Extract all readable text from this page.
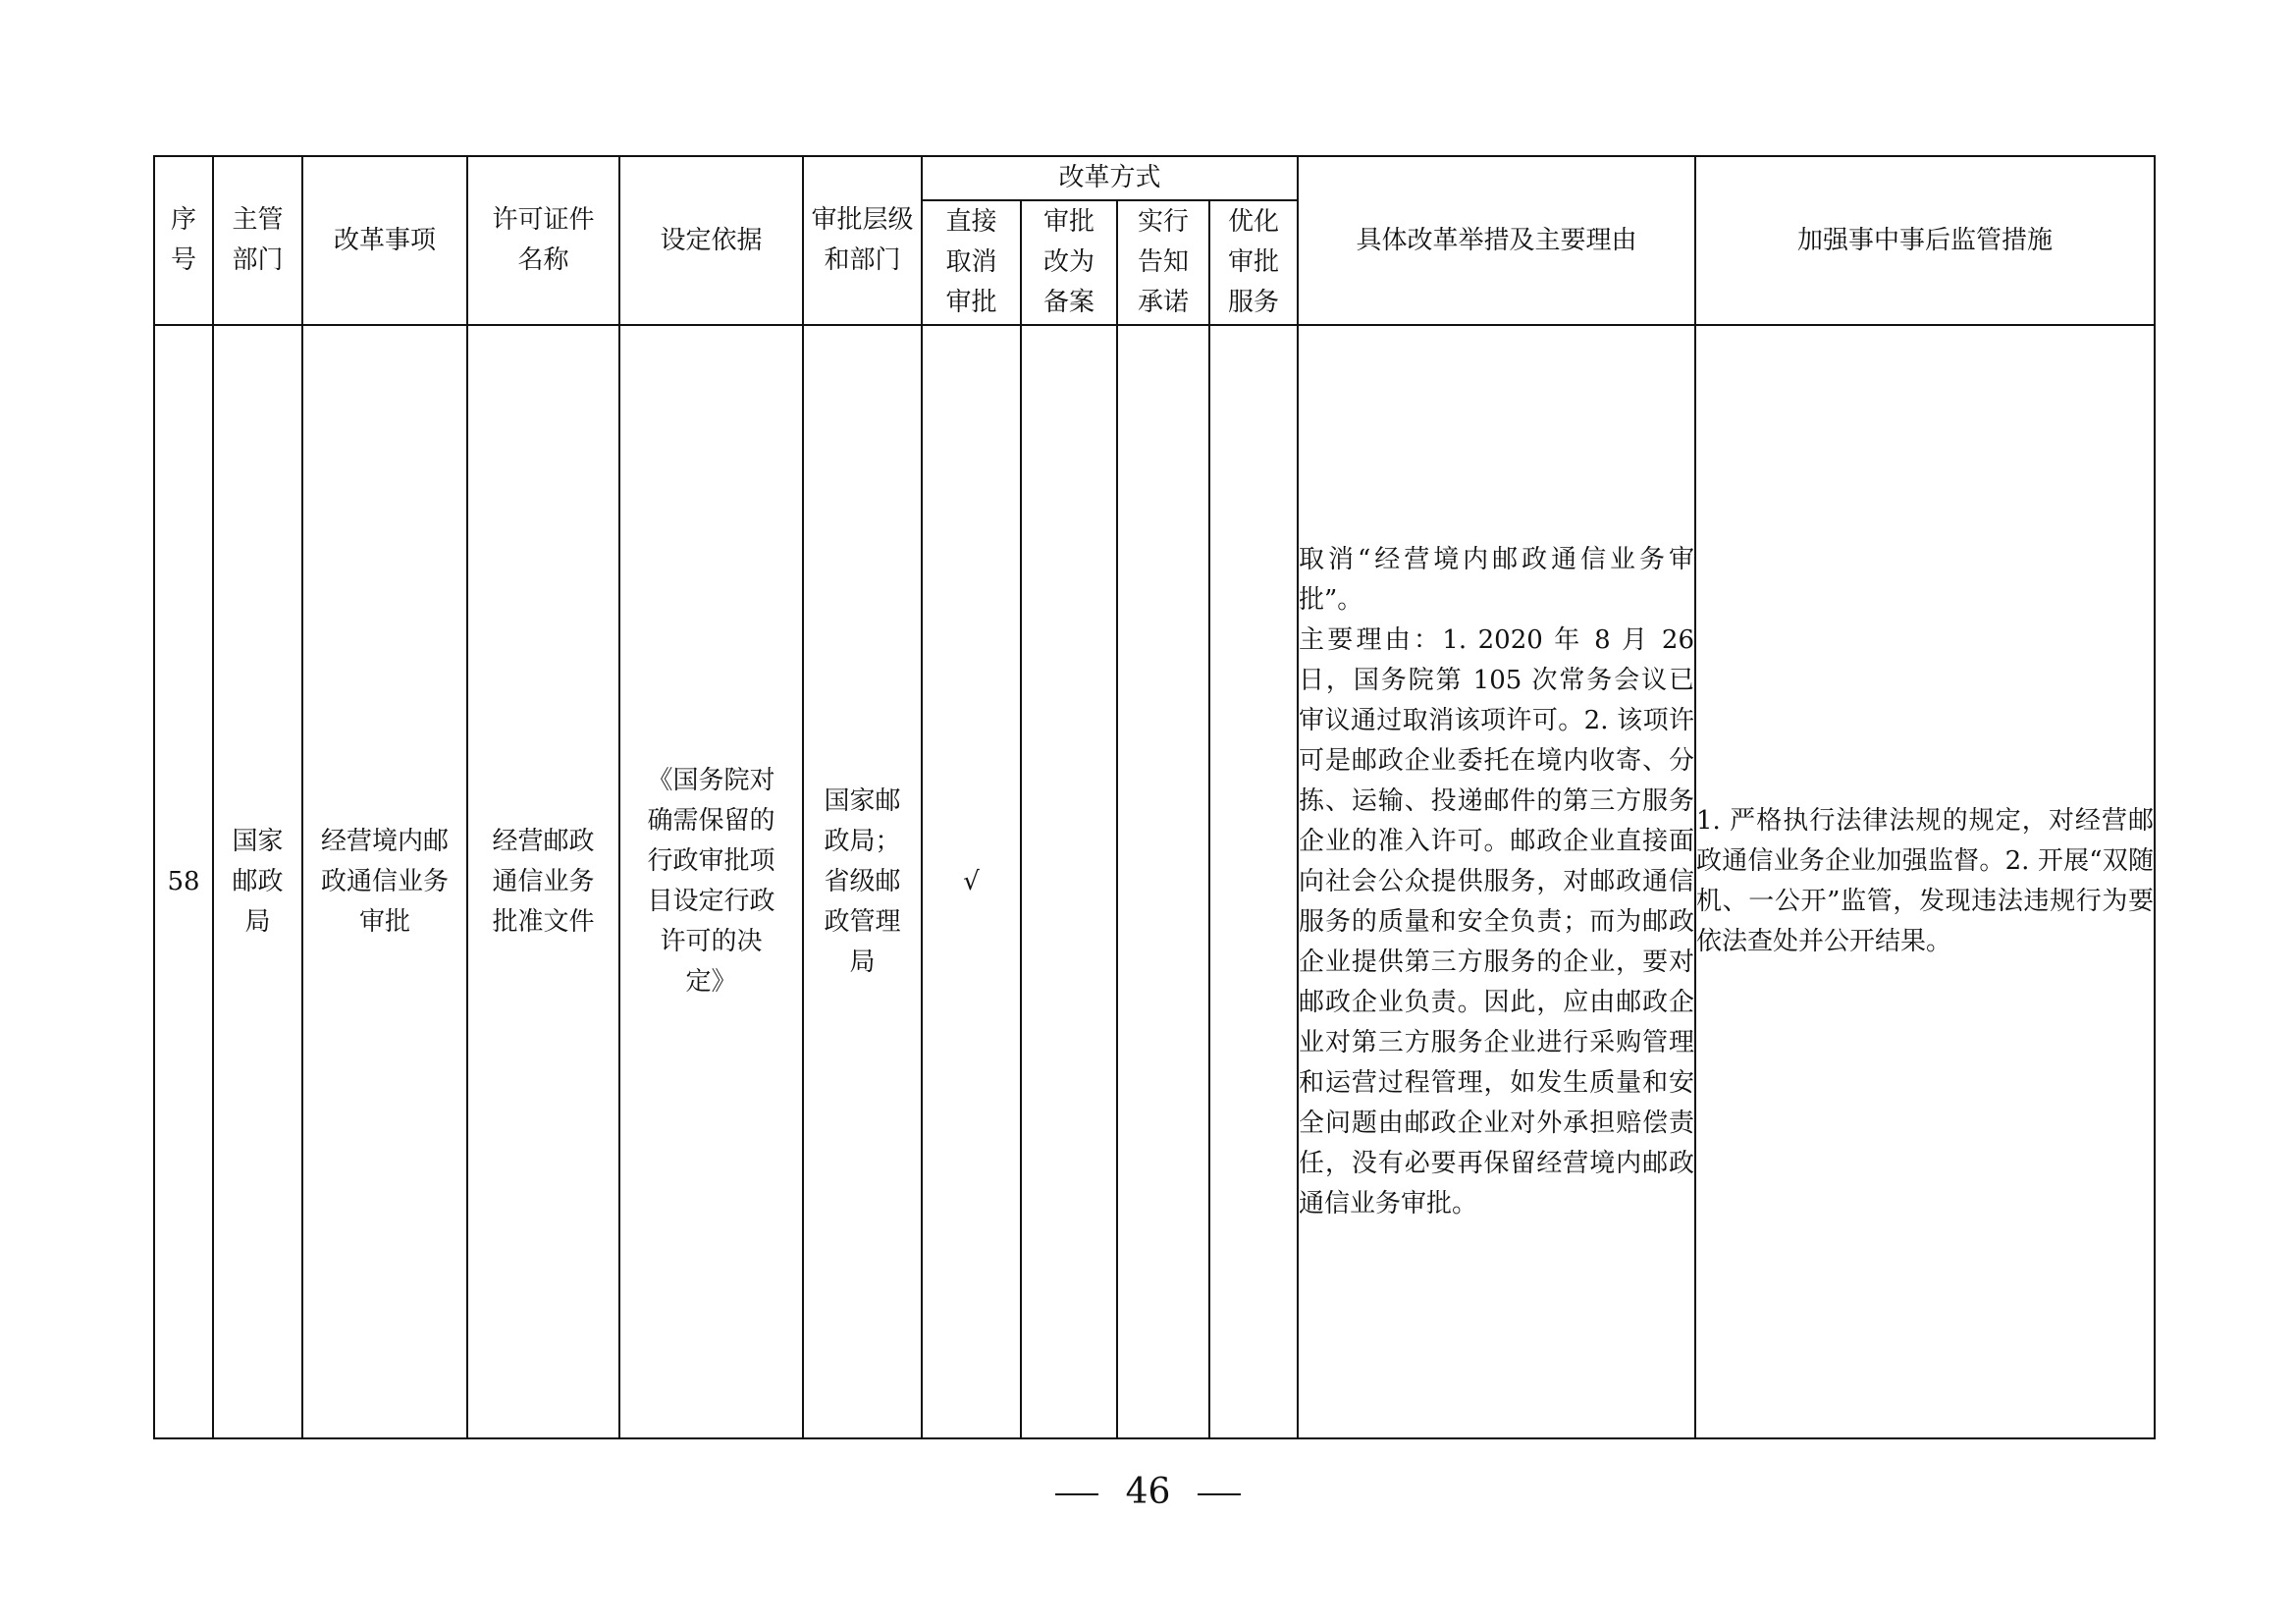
序号	主管部门	改革事项	许可证件名称	设定依据	审批层级和部门	改革方式				具体改革举措及主要理由	加强事中事后监管措施
						直接取消审批	审批改为备案	实行告知承诺	优化审批服务		
58	国家邮政局	经营境内邮政通信业务审批	经营邮政通信业务批准文件	《国务院对确需保留的行政审批项目设定行政许可的决定》	国家邮政局；省级邮政管理局	√				取消“经营境内邮政通信业务审批”。
主要理由：1. 2020 年 8 月 26 日，国务院第 105 次常务会议已审议通过取消该项许可。2. 该项许可是邮政企业委托在境内收寄、分拣、运输、投递邮件的第三方服务企业的准入许可。邮政企业直接面向社会公众提供服务，对邮政通信服务的质量和安全负责；而为邮政企业提供第三方服务的企业，要对邮政企业负责。因此，应由邮政企业对第三方服务企业进行采购管理和运营过程管理，如发生质量和安全问题由邮政企业对外承担赔偿责任，没有必要再保留经营境内邮政通信业务审批。	1. 严格执行法律法规的规定，对经营邮政通信业务企业加强监督。2. 开展“双随机、一公开”监管，发现违法违规行为要依法查处并公开结果。
46
